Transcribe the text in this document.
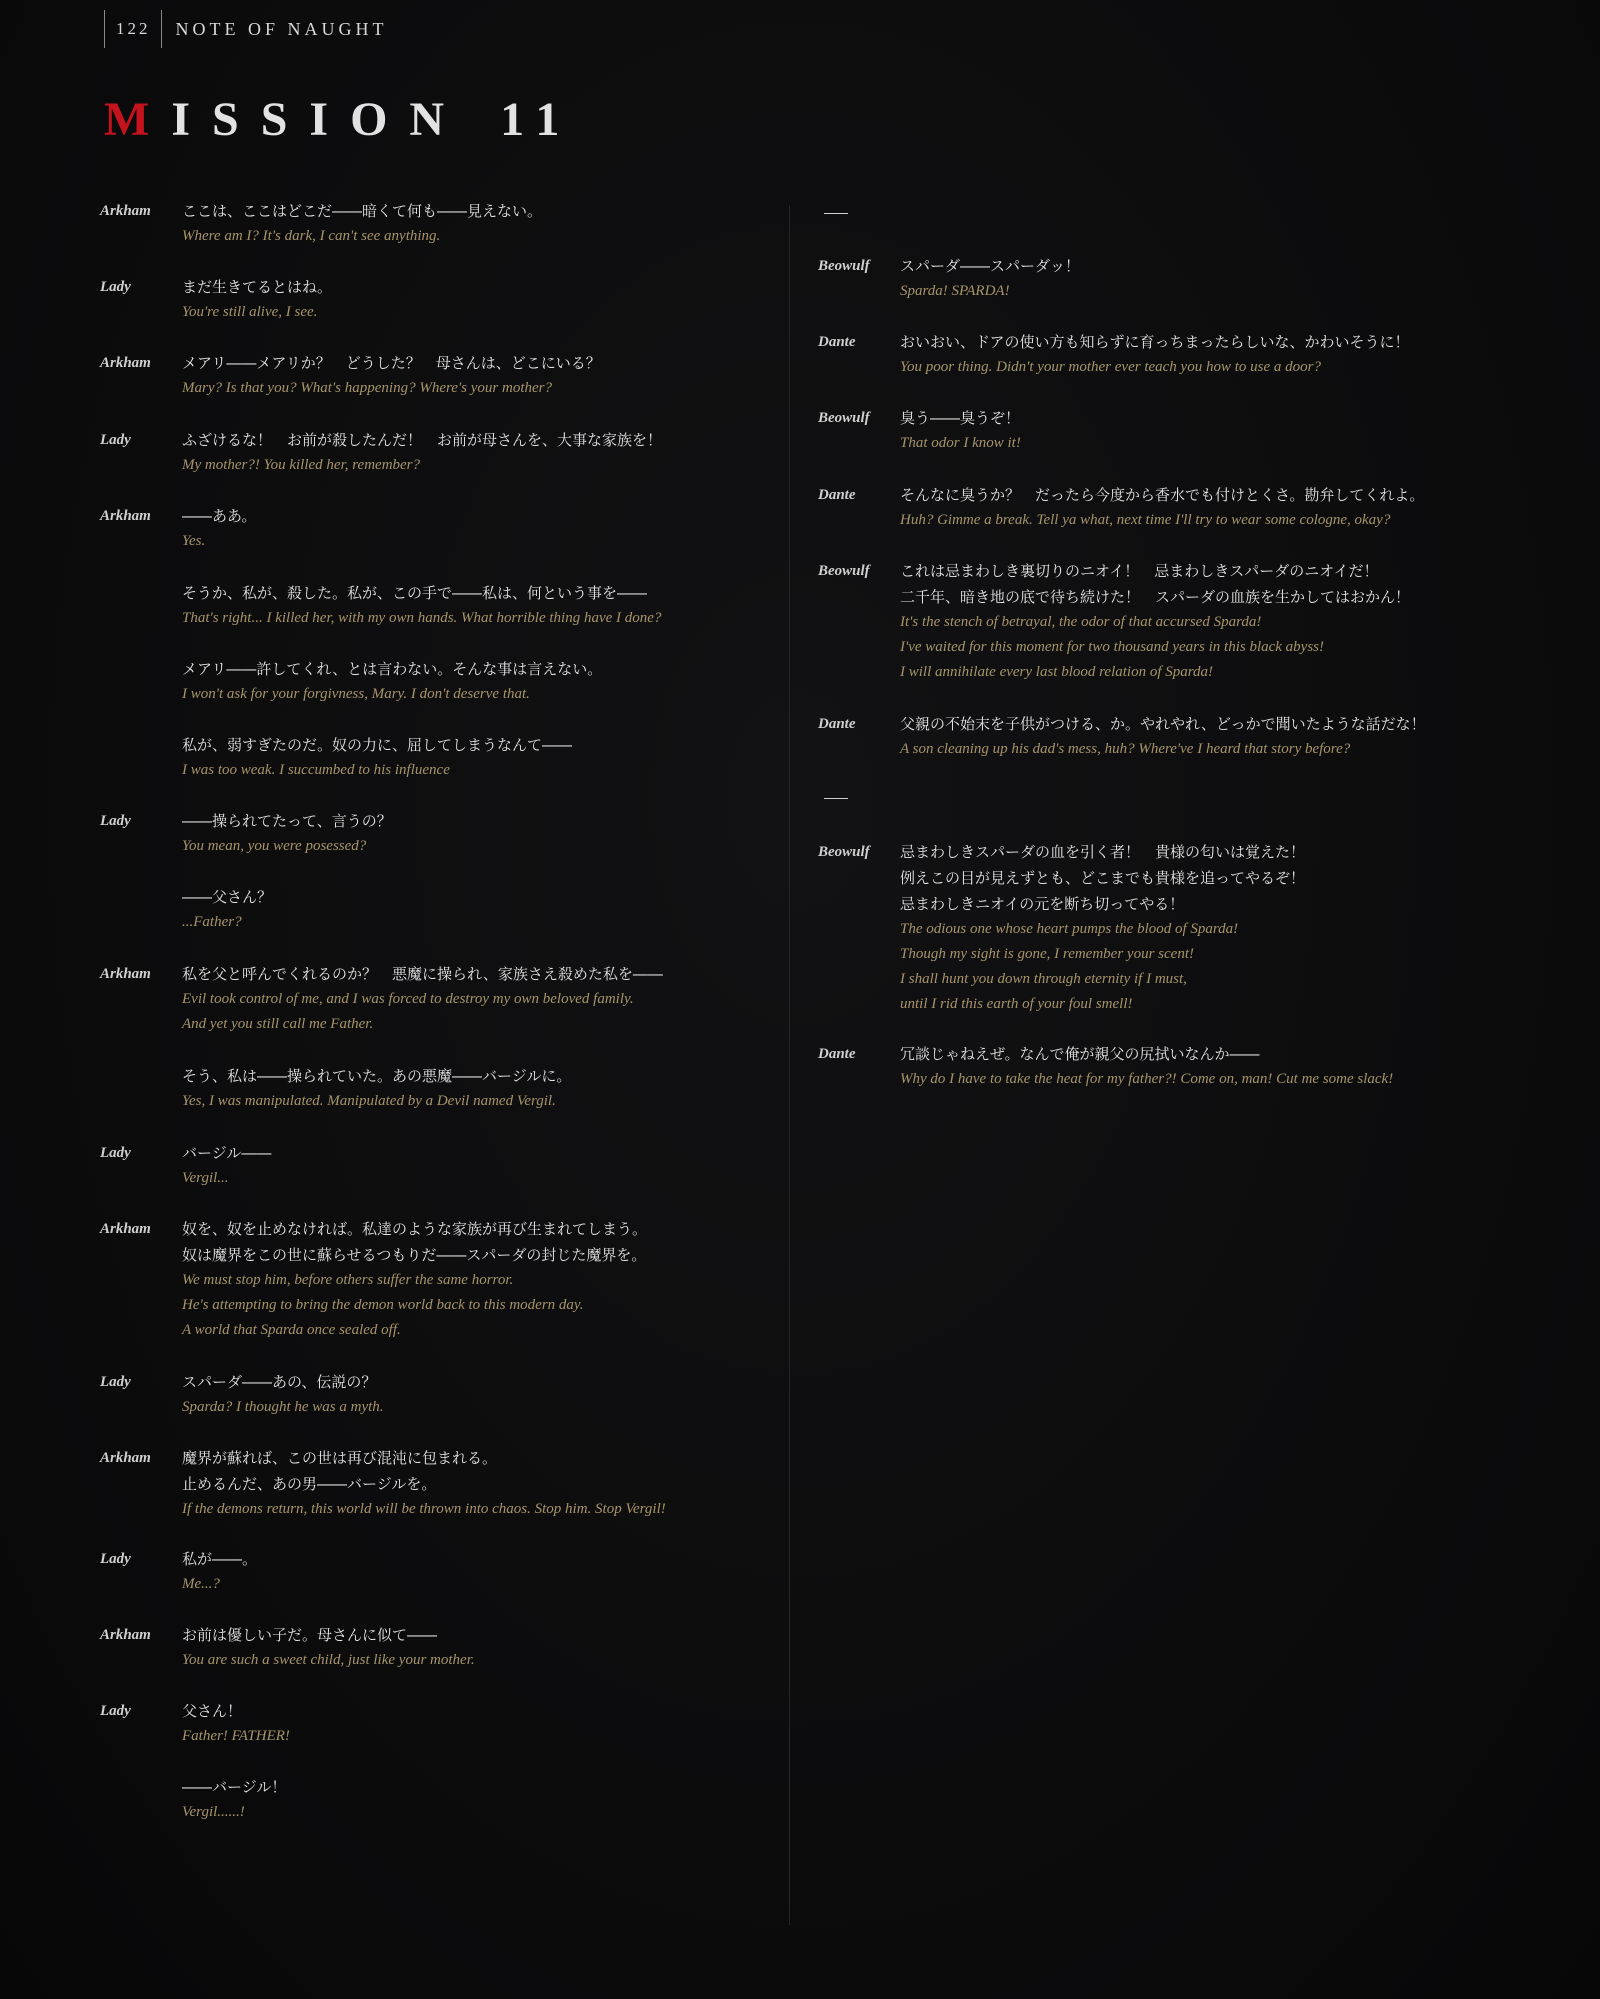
122	NOTE OF NAUGHT
MISSION 11
Arkham	ここは、ここはどこだ――暗くて何も――見えない。
Where am I? It's dark, I can't see anything.
Lady	まだ生きてるとはね。
You're still alive, I see.
Arkham	メアリ――メアリか？　どうした？　母さんは、どこにいる？
Mary? Is that you? What's happening? Where's your mother?
Lady	ふざけるな！　お前が殺したんだ！　お前が母さんを、大事な家族を！
My mother?! You killed her, remember?
Arkham	――ああ。
Yes.
そうか、私が、殺した。私が、この手で――私は、何という事を――
That's right... I killed her, with my own hands. What horrible thing have I done?
メアリ――許してくれ、とは言わない。そんな事は言えない。
I won't ask for your forgivness, Mary. I don't deserve that.
私が、弱すぎたのだ。奴の力に、屈してしまうなんて――
I was too weak. I succumbed to his influence
Lady	――操られてたって、言うの？
You mean, you were posessed?
――父さん？
...Father?
Arkham	私を父と呼んでくれるのか？　悪魔に操られ、家族さえ殺めた私を――
Evil took control of me, and I was forced to destroy my own beloved family.
And yet you still call me Father.
そう、私は――操られていた。あの悪魔――バージルに。
Yes, I was manipulated. Manipulated by a Devil named Vergil.
Lady	バージル――
Vergil...
Arkham	奴を、奴を止めなければ。私達のような家族が再び生まれてしまう。
奴は魔界をこの世に蘇らせるつもりだ――スパーダの封じた魔界を。
We must stop him, before others suffer the same horror.
He's attempting to bring the demon world back to this modern day.
A world that Sparda once sealed off.
Lady	スパーダ――あの、伝説の？
Sparda? I thought he was a myth.
Arkham	魔界が蘇れば、この世は再び混沌に包まれる。
止めるんだ、あの男――バージルを。
If the demons return, this world will be thrown into chaos. Stop him. Stop Vergil!
Lady	私が――。
Me...?
Arkham	お前は優しい子だ。母さんに似て――
You are such a sweet child, just like your mother.
Lady	父さん！
Father! FATHER!
――バージル！
Vergil......!
Beowulf	スパーダ――スパーダッ！
Sparda! SPARDA!
Dante	おいおい、ドアの使い方も知らずに育っちまったらしいな、かわいそうに！
You poor thing. Didn't your mother ever teach you how to use a door?
Beowulf	臭う――臭うぞ！
That odor I know it!
Dante	そんなに臭うか？　だったら今度から香水でも付けとくさ。勘弁してくれよ。
Huh? Gimme a break. Tell ya what, next time I'll try to wear some cologne, okay?
Beowulf	これは忌まわしき裏切りのニオイ！　忌まわしきスパーダのニオイだ！
二千年、暗き地の底で待ち続けた！　スパーダの血族を生かしてはおかん！
It's the stench of betrayal, the odor of that accursed Sparda!
I've waited for this moment for two thousand years in this black abyss!
I will annihilate every last blood relation of Sparda!
Dante	父親の不始末を子供がつける、か。やれやれ、どっかで聞いたような話だな！
A son cleaning up his dad's mess, huh? Where've I heard that story before?
Beowulf	忌まわしきスパーダの血を引く者！　貴様の匂いは覚えた！
例えこの目が見えずとも、どこまでも貴様を追ってやるぞ！
忌まわしきニオイの元を断ち切ってやる！
The odious one whose heart pumps the blood of Sparda!
Though my sight is gone, I remember your scent!
I shall hunt you down through eternity if I must,
until I rid this earth of your foul smell!
Dante	冗談じゃねえぜ。なんで俺が親父の尻拭いなんか――
Why do I have to take the heat for my father?! Come on, man! Cut me some slack!
